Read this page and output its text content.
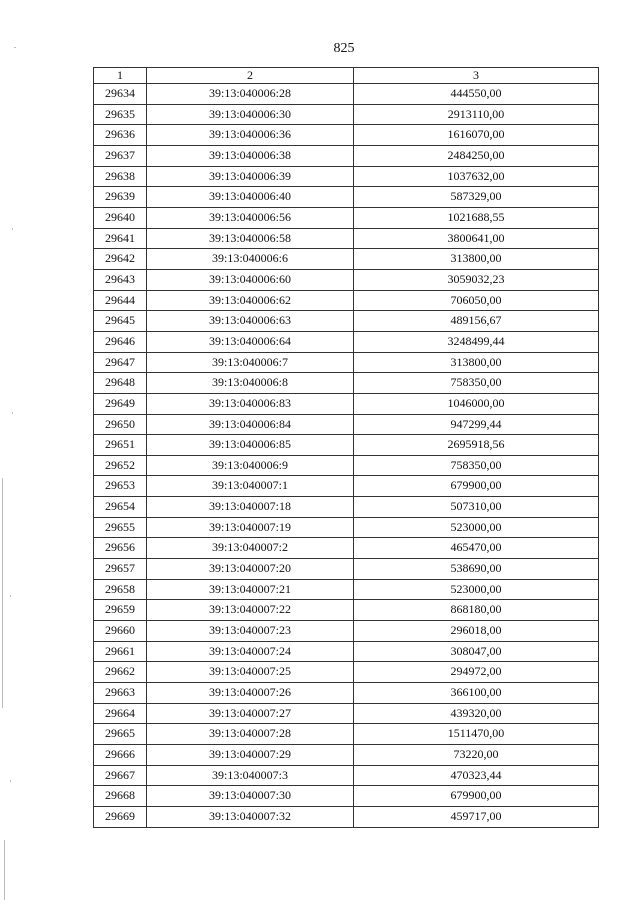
825
1	2	3
29634	39:13:040006:28	444550,00
29635	39:13:040006:30	2913110,00
29636	39:13:040006:36	1616070,00
29637	39:13:040006:38	2484250,00
29638	39:13:040006:39	1037632,00
29639	39:13:040006:40	587329,00
29640	39:13:040006:56	1021688,55
29641	39:13:040006:58	3800641,00
29642	39:13:040006:6	313800,00
29643	39:13:040006:60	3059032,23
29644	39:13:040006:62	706050,00
29645	39:13:040006:63	489156,67
29646	39:13:040006:64	3248499,44
29647	39:13:040006:7	313800,00
29648	39:13:040006:8	758350,00
29649	39:13:040006:83	1046000,00
29650	39:13:040006:84	947299,44
29651	39:13:040006:85	2695918,56
29652	39:13:040006:9	758350,00
29653	39:13:040007:1	679900,00
29654	39:13:040007:18	507310,00
29655	39:13:040007:19	523000,00
29656	39:13:040007:2	465470,00
29657	39:13:040007:20	538690,00
29658	39:13:040007:21	523000,00
29659	39:13:040007:22	868180,00
29660	39:13:040007:23	296018,00
29661	39:13:040007:24	308047,00
29662	39:13:040007:25	294972,00
29663	39:13:040007:26	366100,00
29664	39:13:040007:27	439320,00
29665	39:13:040007:28	1511470,00
29666	39:13:040007:29	73220,00
29667	39:13:040007:3	470323,44
29668	39:13:040007:30	679900,00
29669	39:13:040007:32	459717,00
